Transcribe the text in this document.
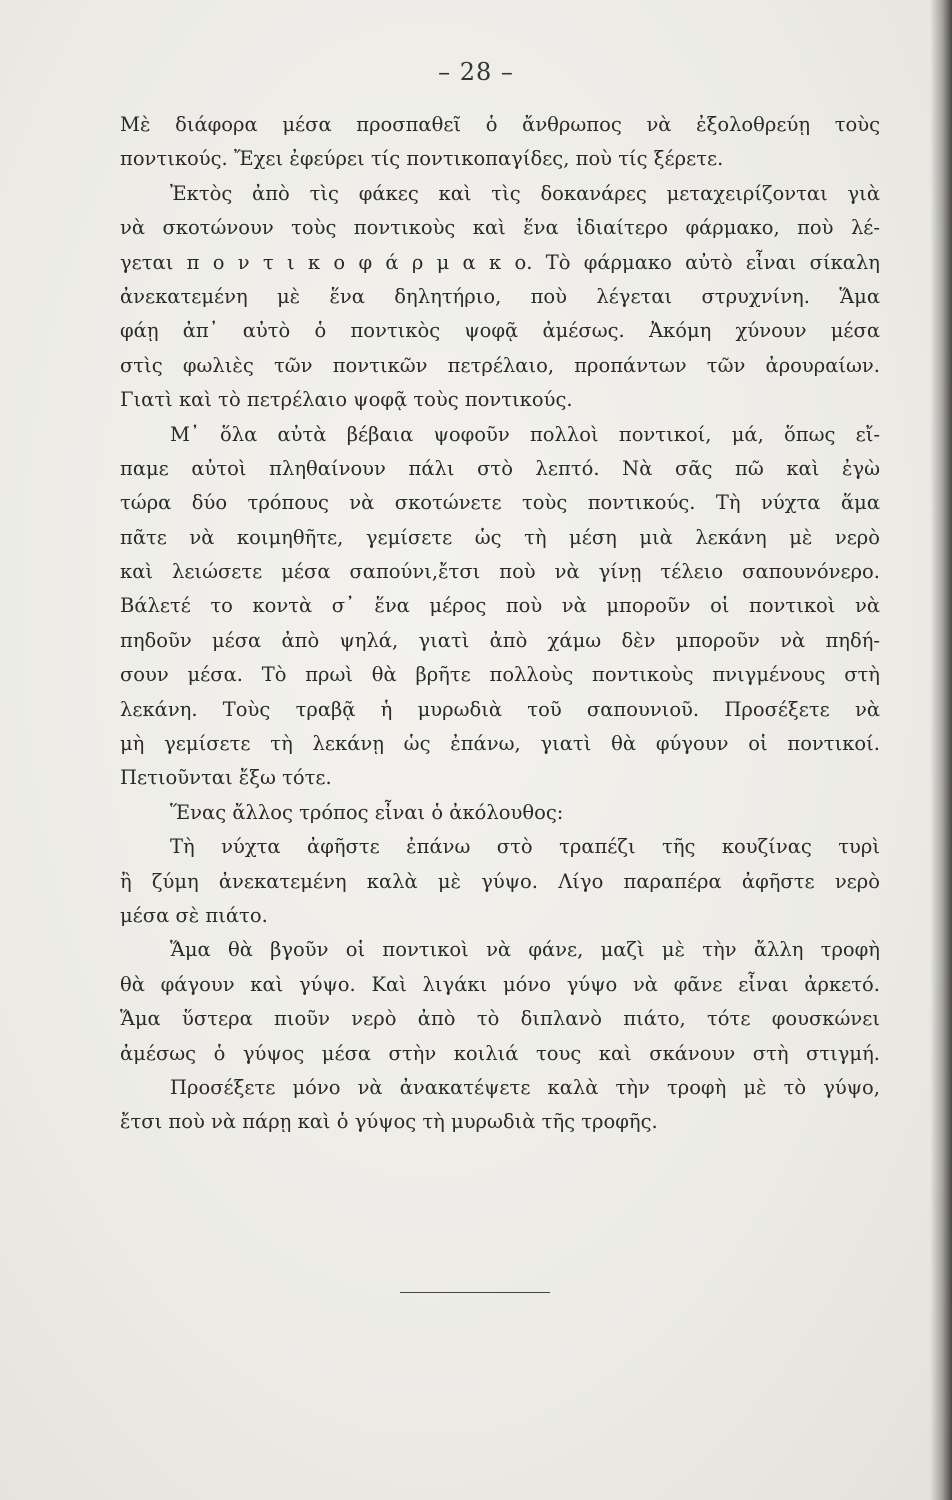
– 28 –
Μὲ διάφορα μέσα προσπαθεῖ ὁ ἄνθρωπος νὰ ἐξολοθρεύῃ τοὺς
ποντικούς. Ἔχει ἐφεύρει τίς ποντικοπαγίδες, ποὺ τίς ξέρετε.
Ἐκτὸς ἀπὸ τὶς φάκες καὶ τὶς δοκανάρες μεταχειρίζονται γιὰ
νὰ σκοτώνουν τοὺς ποντικοὺς καὶ ἕνα ἰδιαίτερο φάρμακο, ποὺ λέ-
γεται π ο ν τ ι κ ο φ ά ρ μ α κ ο. Τὸ φάρμακο αὐτὸ εἶναι σίκαλη
ἀνεκατεμένη μὲ ἕνα δηλητήριο, ποὺ λέγεται στρυχνίνη. Ἅμα
φάῃ ἀπ᾿ αὐτὸ ὁ ποντικὸς ψοφᾷ ἀμέσως. Ἀκόμη χύνουν μέσα
στὶς φωλιὲς τῶν ποντικῶν πετρέλαιο, προπάντων τῶν ἀρουραίων.
Γιατὶ καὶ τὸ πετρέλαιο ψοφᾷ τοὺς ποντικούς.
Μ᾿ ὅλα αὐτὰ βέβαια ψοφοῦν πολλοὶ ποντικοί, μά, ὅπως εἴ-
παμε αὐτοὶ πληθαίνουν πάλι στὸ λεπτό. Νὰ σᾶς πῶ καὶ ἐγὼ
τώρα δύο τρόπους νὰ σκοτώνετε τοὺς ποντικούς. Τὴ νύχτα ἅμα
πᾶτε νὰ κοιμηθῆτε, γεμίσετε ὡς τὴ μέση μιὰ λεκάνη μὲ νερὸ
καὶ λειώσετε μέσα σαπούνι,ἔτσι ποὺ νὰ γίνῃ τέλειο σαπουνόνερο.
Βάλετέ το κοντὰ σ᾿ ἕνα μέρος ποὺ νὰ μποροῦν οἱ ποντικοὶ νὰ
πηδοῦν μέσα ἀπὸ ψηλά, γιατὶ ἀπὸ χάμω δὲν μποροῦν νὰ πηδή-
σουν μέσα. Τὸ πρωὶ θὰ βρῆτε πολλοὺς ποντικοὺς πνιγμένους στὴ
λεκάνη. Τοὺς τραβᾷ ἡ μυρωδιὰ τοῦ σαπουνιοῦ. Προσέξετε νὰ
μὴ γεμίσετε τὴ λεκάνῃ ὡς ἐπάνω, γιατὶ θὰ φύγουν οἱ ποντικοί.
Πετιοῦνται ἔξω τότε.
Ἕνας ἄλλος τρόπος εἶναι ὁ ἀκόλουθος:
Τὴ νύχτα ἀφῆστε ἐπάνω στὸ τραπέζι τῆς κουζίνας τυρὶ
ἢ ζύμη ἀνεκατεμένη καλὰ μὲ γύψο. Λίγο παραπέρα ἀφῆστε νερὸ
μέσα σὲ πιάτο.
Ἅμα θὰ βγοῦν οἱ ποντικοὶ νὰ φάνε, μαζὶ μὲ τὴν ἄλλη τροφὴ
θὰ φάγουν καὶ γύψο. Καὶ λιγάκι μόνο γύψο νὰ φᾶνε εἶναι ἀρκετό.
Ἅμα ὕστερα πιοῦν νερὸ ἀπὸ τὸ διπλανὸ πιάτο, τότε φουσκώνει
ἀμέσως ὁ γύψος μέσα στὴν κοιλιά τους καὶ σκάνουν στὴ στιγμή.
Προσέξετε μόνο νὰ ἀνακατέψετε καλὰ τὴν τροφὴ μὲ τὸ γύψο,
ἔτσι ποὺ νὰ πάρῃ καὶ ὁ γύψος τὴ μυρωδιὰ τῆς τροφῆς.
